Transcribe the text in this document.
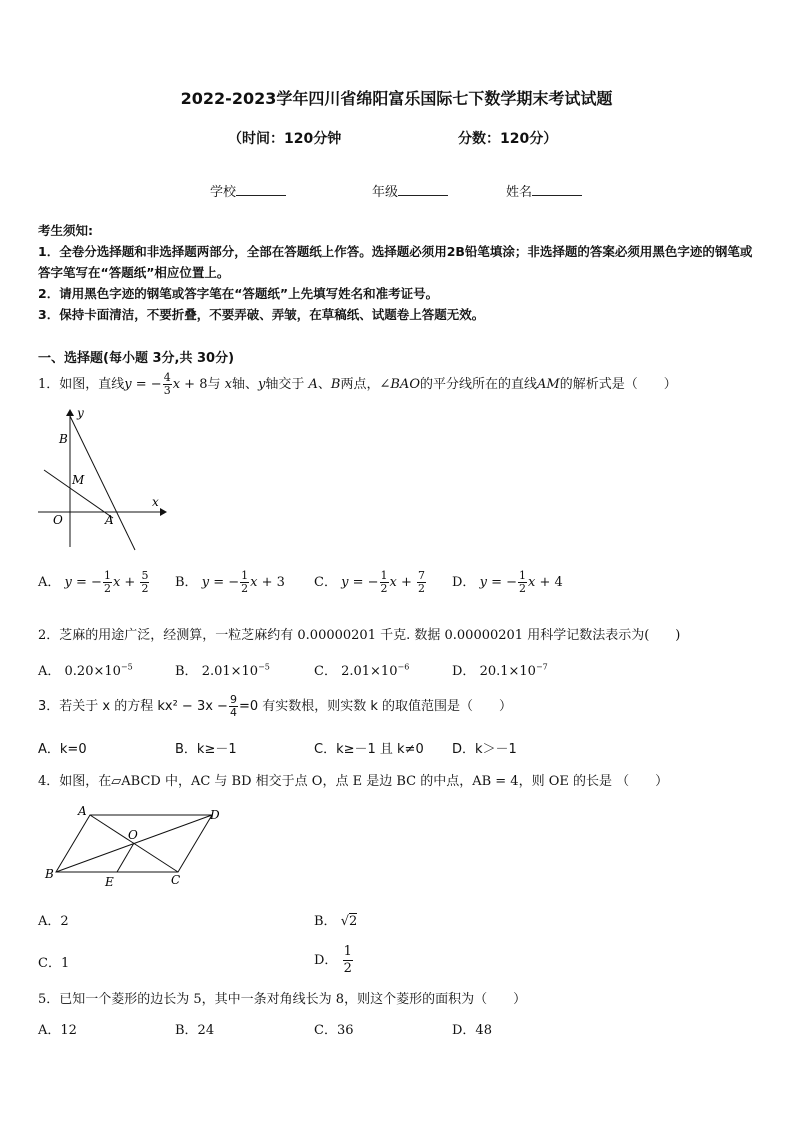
2022-2023学年四川省绵阳富乐国际七下数学期末考试试题
（时间：120分钟	分数：120分）
学校	年级	姓名
考生须知:
1．全卷分选择题和非选择题两部分，全部在答题纸上作答。选择题必须用2B铅笔填涂；非选择题的答案必须用黑色字迹的钢笔或答字笔写在“答题纸”相应位置上。
2．请用黑色字迹的钢笔或答字笔在“答题纸”上先填写姓名和准考证号。
3．保持卡面清洁，不要折叠，不要弄破、弄皱，在草稿纸、试题卷上答题无效。
一、选择题(每小题 3分,共 30分)
1．如图，直线y = − $\frac{4}{3}$ x + 8与 x轴、y轴交于 A、B两点，∠BAO的平分线所在的直线AM的解析式是（　　）
y
x
B
M
O	A
A． y = − $\frac{1}{2}$ $x + \frac{5}{2}$ B． y = − $\frac{1}{2}$ x + 3 C． y = − $\frac{1}{2}$ $x + \frac{7}{2}$ D． y = − $\frac{1}{2}$ x + 4
2．芝麻的用途广泛，经测算，一粒芝麻约有 0.00000201 千克. 数据 0.00000201 用科学记数法表示为(　　)
A． $0.20\times 10^{-5}$	B． $2.01\times 10^{-5}$	C． $2.01\times 10^{-6}$	D． $20.1\times 10^{-7}$
3．若关于 x 的方程 $kx^2 - 3x - \frac{9}{4} =0$ 有实数根，则实数 k 的取值范围是（　　）
A．k=0	B．k≥－1	C．k≥－1 且 k≠0 D．k＞－1
4．如图，在▱ABCD 中，AC 与 BD 相交于点 O，点 E 是边 BC 的中点，AB = 4，则 OE 的长是 （　　）
A	D
O
B
E	C
A．2	B． √2
C．1	D． $\frac{1}{2}$
5．已知一个菱形的边长为 5，其中一条对角线长为 8，则这个菱形的面积为（　　）
A．12	B．24	C．36	D．48
